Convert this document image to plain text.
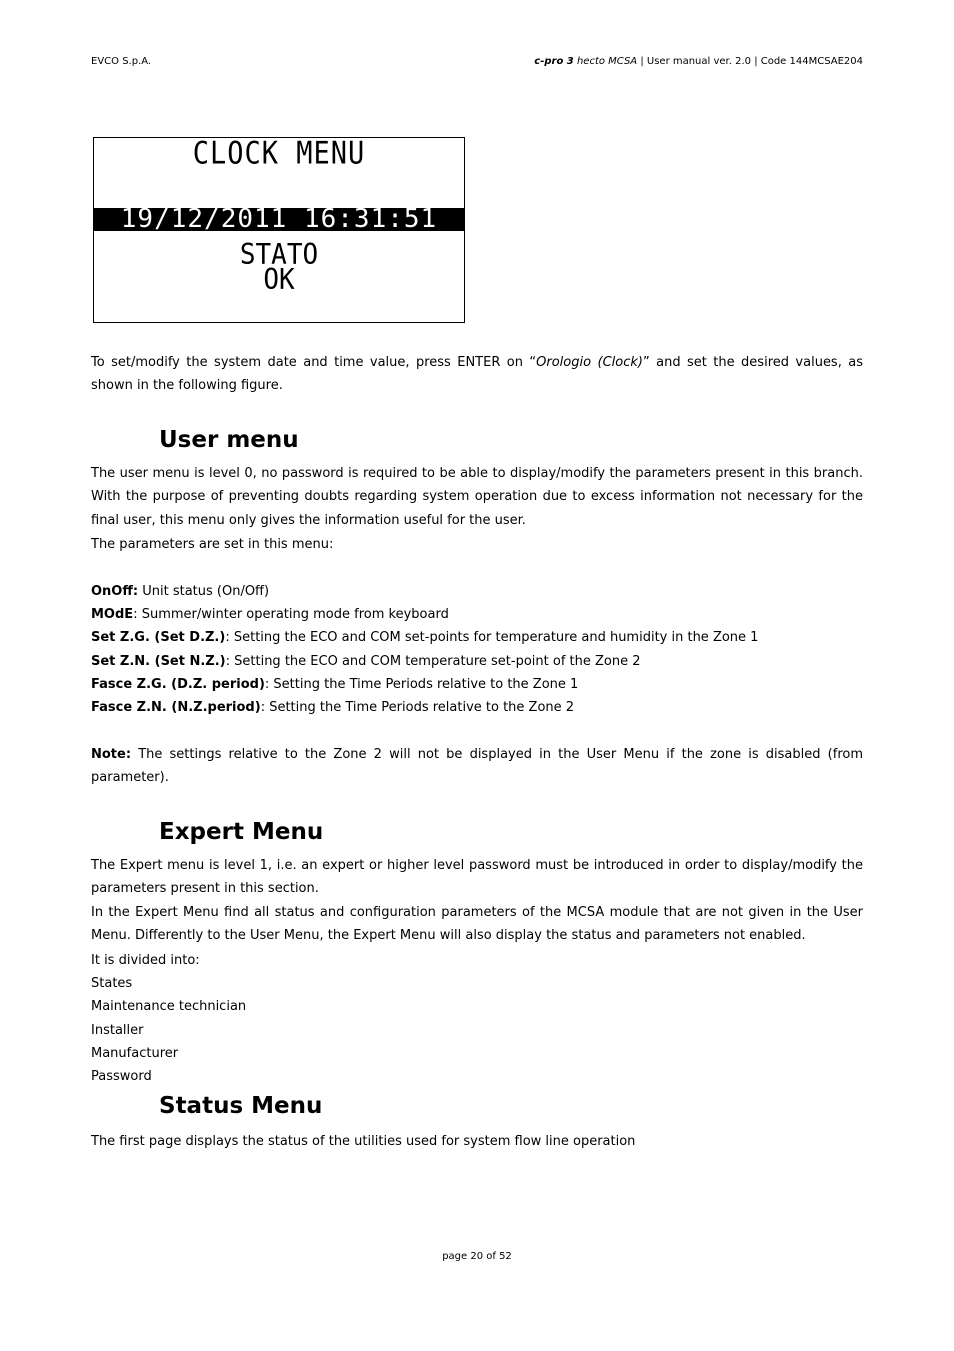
EVCO S.p.A.	c-pro 3 hecto MCSA | User manual ver. 2.0 | Code 144MCSAE204
CLOCK MENU
19/12/2011 16:31:51
STATO
OK

To set/modify the system date and time value, press ENTER on “Orologio (Clock)” and set the desired values, as shown in the following figure.

User menu

The user menu is level 0, no password is required to be able to display/modify the parameters present in this branch. With the purpose of preventing doubts regarding system operation due to excess information not necessary for the final user, this menu only gives the information useful for the user.

The parameters are set in this menu:
OnOff: Unit status (On/Off)
MOdE: Summer/winter operating mode from keyboard
Set Z.G. (Set D.Z.): Setting the ECO and COM set-points for temperature and humidity in the Zone 1
Set Z.N. (Set N.Z.): Setting the ECO and COM temperature set-point of the Zone 2
Fasce Z.G. (D.Z. period): Setting the Time Periods relative to the Zone 1
Fasce Z.N. (N.Z.period): Setting the Time Periods relative to the Zone 2

Note: The settings relative to the Zone 2 will not be displayed in the User Menu if the zone is disabled (from parameter).

Expert Menu

The Expert menu is level 1, i.e. an expert or higher level password must be introduced in order to display/modify the parameters present in this section.

In the Expert Menu find all status and configuration parameters of the MCSA module that are not given in the User Menu. Differently to the User Menu, the Expert Menu will also display the status and parameters not enabled.

It is divided into:
States
Maintenance technician
Installer
Manufacturer
Password
Status Menu
The first page displays the status of the utilities used for system flow line operation
page 20 of 52
